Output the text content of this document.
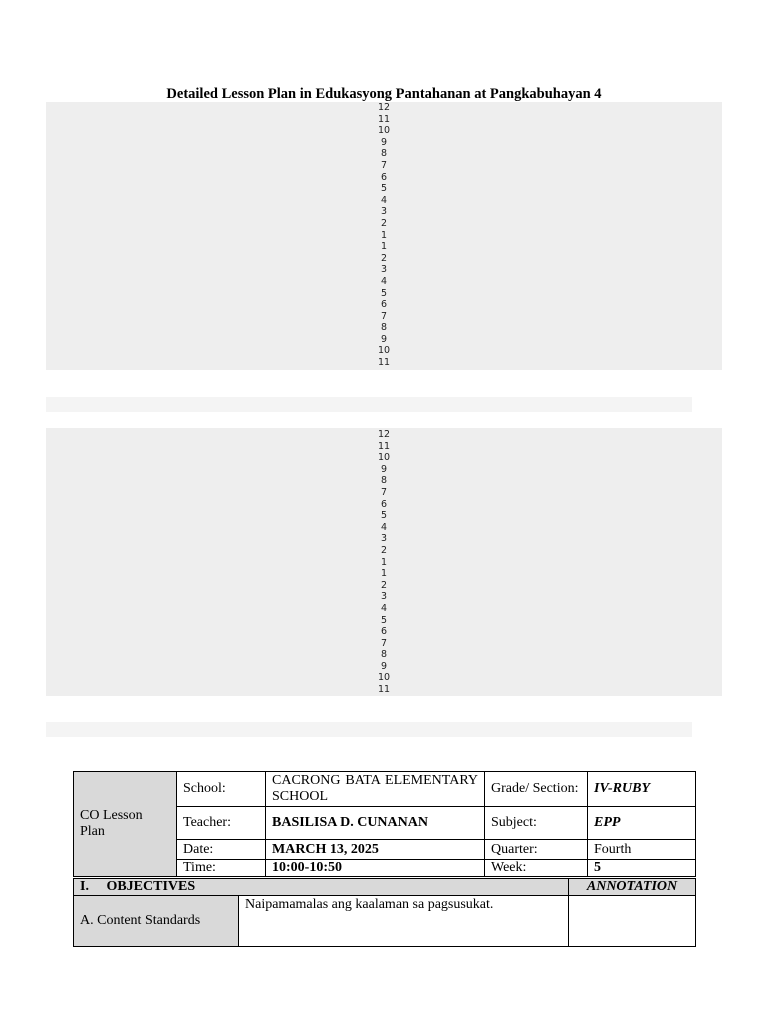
Detailed Lesson Plan in Edukasyong Pantahanan at Pangkabuhayan 4
12
11
10
9
8
7
6
5
4
3
2
1
1
2
3
4
5
6
7
8
9
10
11
12
11
10
9
8
7
6
5
4
3
2
1
1
2
3
4
5
6
7
8
9
10
11
CO Lesson Plan	School:	CACRONG BATA ELEMENTARY SCHOOL	Grade/ Section:	IV-RUBY
	Teacher:	BASILISA D. CUNANAN	Subject:	EPP
	Date:	MARCH 13, 2025	Quarter:	Fourth
	Time:	10:00-10:50	Week:	5
I. OBJECTIVES		ANNOTATION
A. Content Standards	Naipamamalas ang kaalaman sa pagsusukat.	
